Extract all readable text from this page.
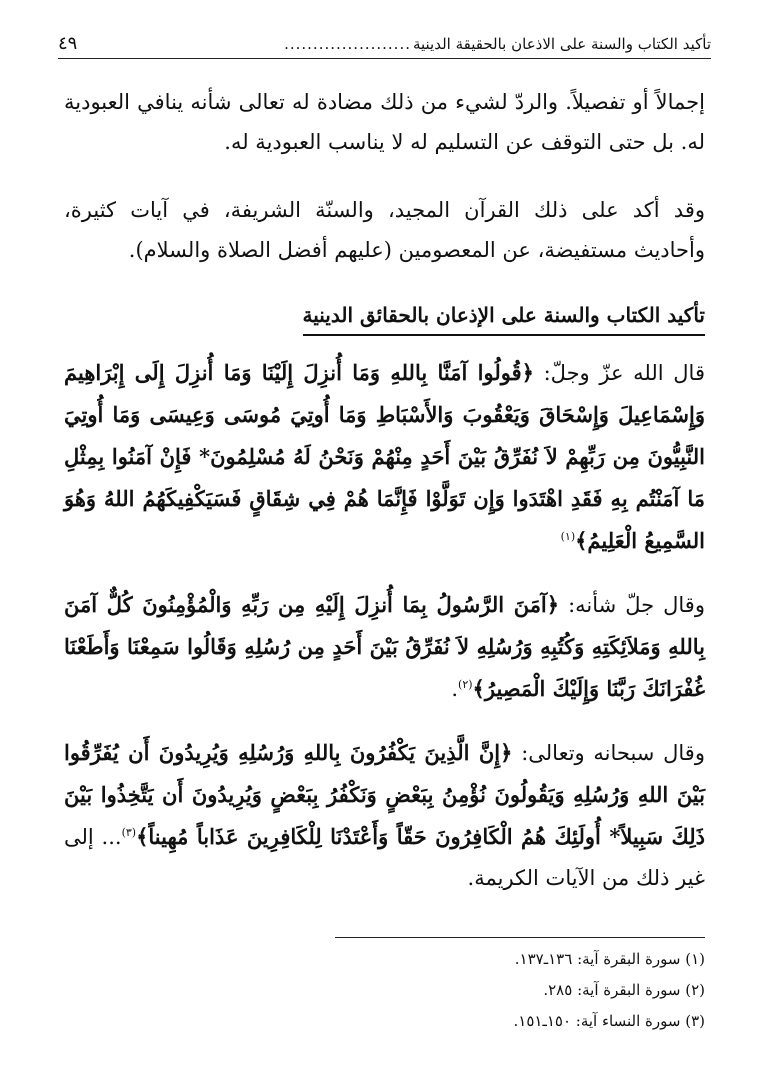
تأكيد الكتاب والسنة على الاذعان بالحقيقة الدينية
......................
٤٩
إجمالاً أو تفصيلاً. والردّ لشيء من ذلك مضادة له تعالى شأنه ينافي العبودية له. بل حتى التوقف عن التسليم له لا يناسب العبودية له.
وقد أكد على ذلك القرآن المجيد، والسنّة الشريفة، في آيات كثيرة، وأحاديث مستفيضة، عن المعصومين (عليهم أفضل الصلاة والسلام).
تأكيد الكتاب والسنة على الإذعان بالحقائق الدينية
قال الله عزّ وجلّ: ﴿قُولُوا آمَنَّا بِاللهِ وَمَا أُنزِلَ إِلَيْنَا وَمَا أُنزِلَ إِلَى إِبْرَاهِيمَ وَإِسْمَاعِيلَ وَإِسْحَاقَ وَيَعْقُوبَ وَالأَسْبَاطِ وَمَا أُوتِيَ مُوسَى وَعِيسَى وَمَا أُوتِيَ النَّبِيُّونَ مِن رَبِّهِمْ لاَ نُفَرِّقُ بَيْنَ أَحَدٍ مِنْهُمْ وَنَحْنُ لَهُ مُسْلِمُونَ* فَإِنْ آمَنُوا بِمِثْلِ مَا آمَنْتُم بِهِ فَقَدِ اهْتَدَوا وَإِن تَوَلَّوْا فَإِنَّمَا هُمْ فِي شِقَاقٍ فَسَيَكْفِيكَهُمُ اللهُ وَهُوَ السَّمِيعُ الْعَلِيمُ﴾$^{(١)}$
وقال جلّ شأنه: ﴿آمَنَ الرَّسُولُ بِمَا أُنزِلَ إِلَيْهِ مِن رَبِّهِ وَالْمُؤْمِنُونَ كُلٌّ آمَنَ بِاللهِ وَمَلاَئِكَتِهِ وَكُتُبِهِ وَرُسُلِهِ لاَ نُفَرِّقُ بَيْنَ أَحَدٍ مِن رُسُلِهِ وَقَالُوا سَمِعْنَا وَأَطَعْنَا غُفْرَانَكَ رَبَّنَا وَإِلَيْكَ الْمَصِيرُ﴾$^{(٢)}$.
وقال سبحانه وتعالى: ﴿إِنَّ الَّذِينَ يَكْفُرُونَ بِاللهِ وَرُسُلِهِ وَيُرِيدُونَ أَن يُفَرِّقُوا بَيْنَ اللهِ وَرُسُلِهِ وَيَقُولُونَ نُؤْمِنُ بِبَعْضٍ وَنَكْفُرُ بِبَعْضٍ وَيُرِيدُونَ أَن يَتَّخِذُوا بَيْنَ ذَلِكَ سَبِيلاً* أُولَئِكَ هُمُ الْكَافِرُونَ حَقّاً وَأَعْتَدْنَا لِلْكَافِرِينَ عَذَاباً مُهِيناً﴾$^{(٣)}$... إلى غير ذلك من الآيات الكريمة.
(١) سورة البقرة آية: ١٣٦ـ١٣٧.
(٢) سورة البقرة آية: ٢٨٥.
(٣) سورة النساء آية: ١٥٠ـ١٥١.
